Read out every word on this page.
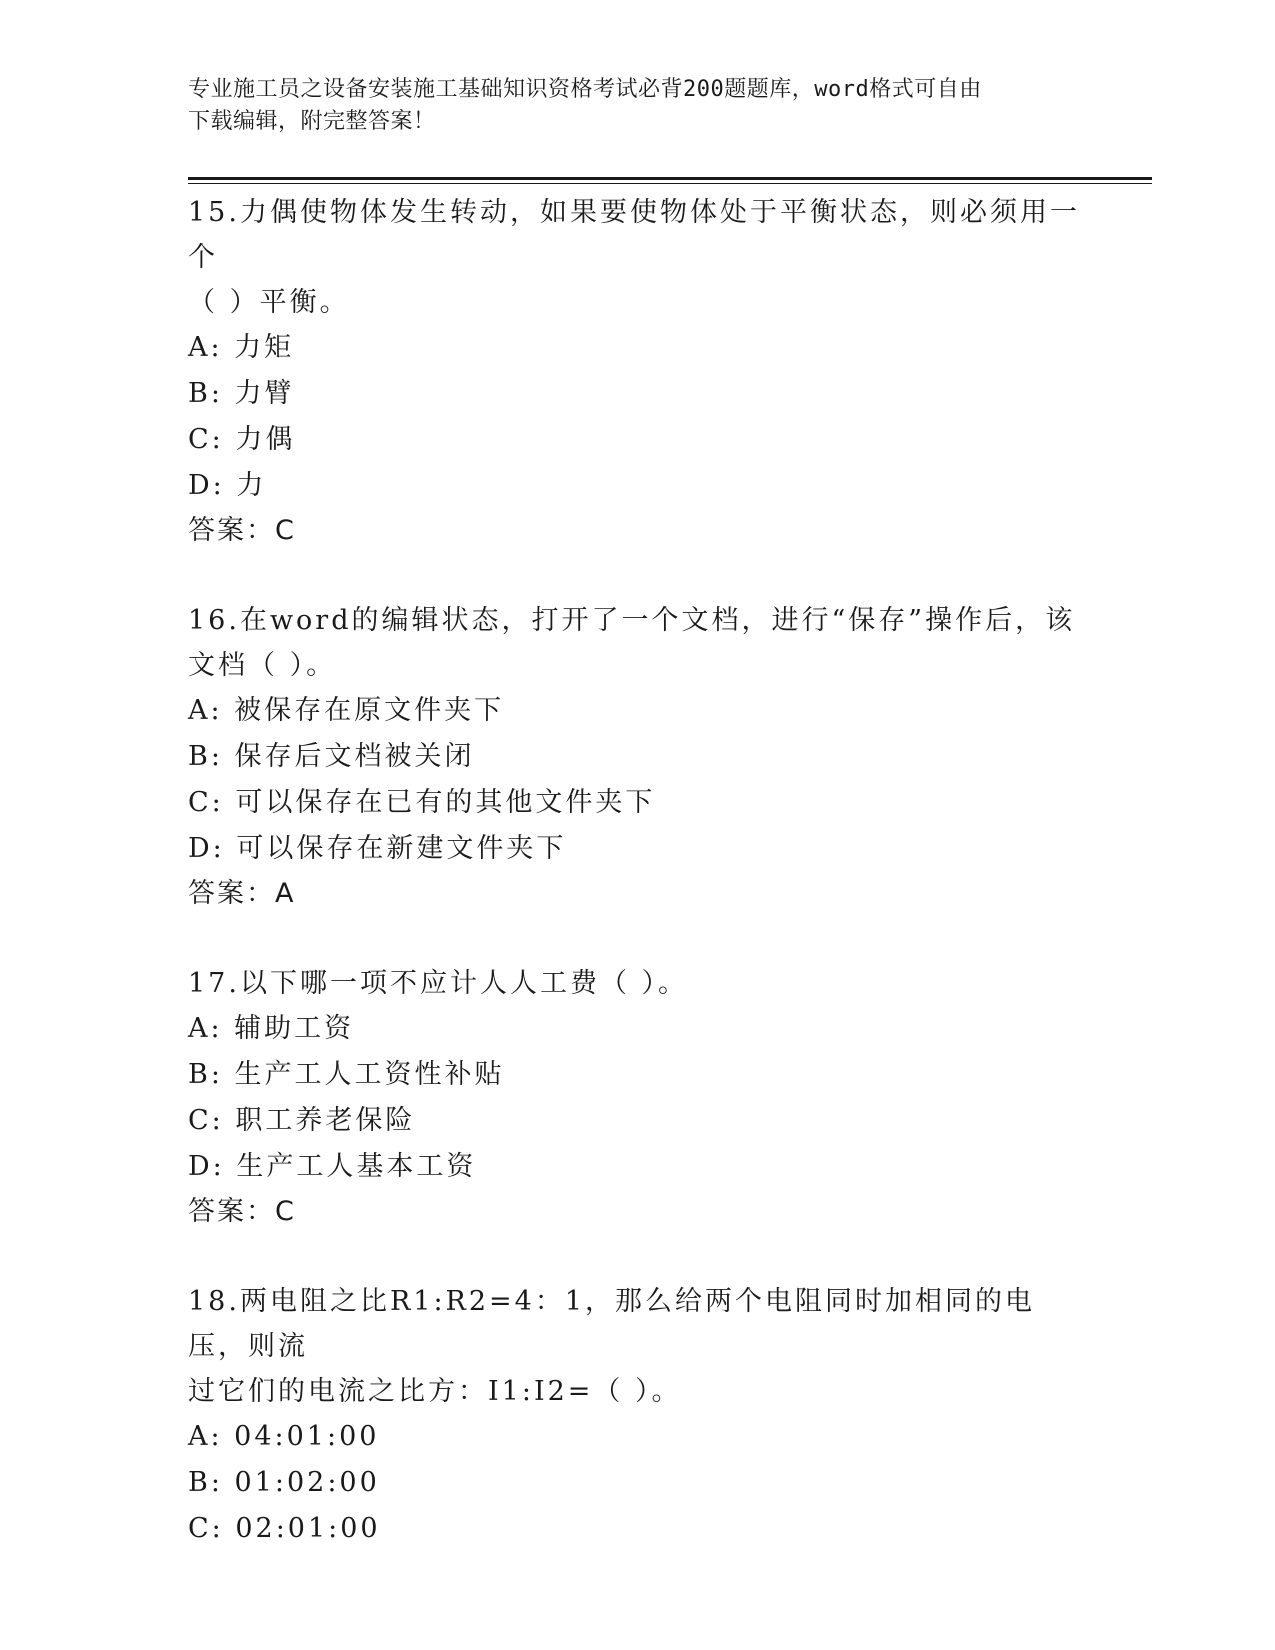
专业施工员之设备安装施工基础知识资格考试必背200题题库，word格式可自由
下载编辑，附完整答案！
15.力偶使物体发生转动，如果要使物体处于平衡状态，则必须用一个
（ ）平衡。
A: 力矩
B: 力臂
C: 力偶
D: 力
答案：C
16.在word的编辑状态，打开了一个文档，进行“保存”操作后，该
文档（ ）。
A: 被保存在原文件夹下
B: 保存后文档被关闭
C: 可以保存在已有的其他文件夹下
D: 可以保存在新建文件夹下
答案：A
17.以下哪一项不应计人人工费（ ）。
A: 辅助工资
B: 生产工人工资性补贴
C: 职工养老保险
D: 生产工人基本工资
答案：C
18.两电阻之比R1:R2=4：1，那么给两个电阻同时加相同的电压，则流
过它们的电流之比方：I1:I2=（ ）。
A: 04:01:00
B: 01:02:00
C: 02:01:00
